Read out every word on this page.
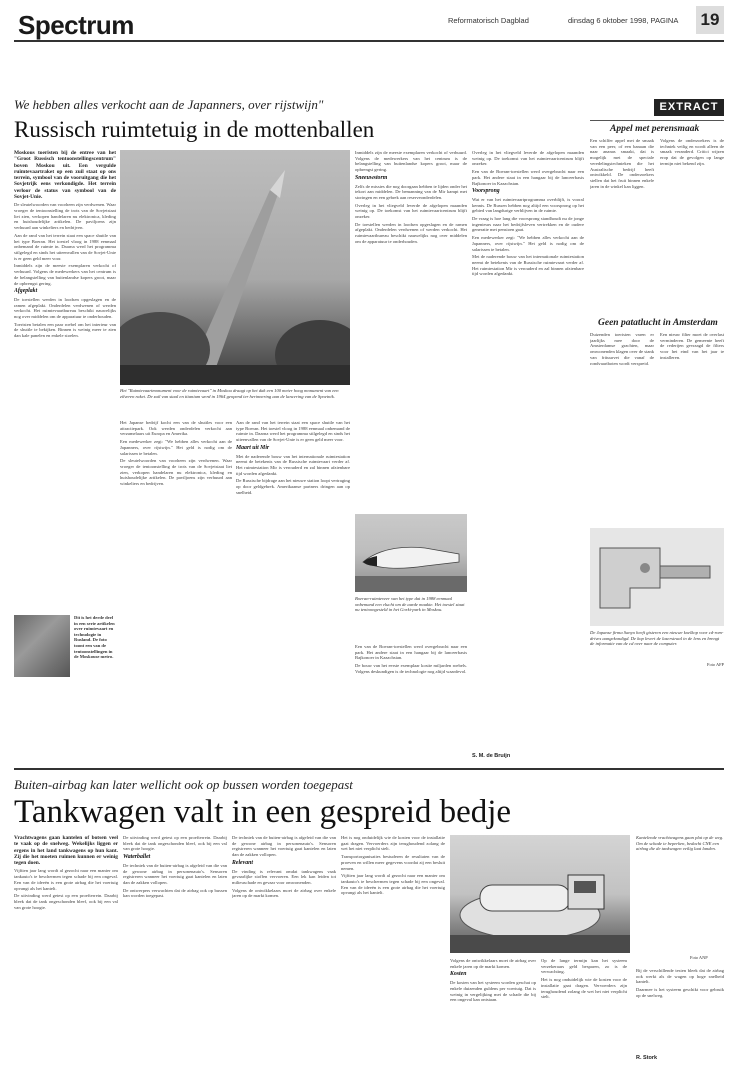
Spectrum	Reformatorisch Dagblad	dinsdag 6 oktober 1998, PAGINA 19
We hebben alles verkocht aan de Japanners, over rijstwijn"
Russisch ruimtetuig in de mottenballen

Moskous toeristen bij de entree van het "Groot Russisch tentoonstellingscentrum" boven Moskou uit. Een vergulde ruimtevaartraket op een zuil staat op ons terrein, symbool van de vooruitgang die het Sovjetrijk eens verkondigde. Het terrein verloor de status van symbool van de Sovjet-Unie.

De sleutelwoorden van voorheen zijn verdwenen. Waar vroeger de tentoonstelling de trots van de Sovjetstaat liet zien, verkopen handelaren nu elektronica, kleding en huishoudelijke artikelen. De paviljoens zijn verhuurd aan winkeliers en bedrijven.

Aan de rand van het terrein staat een space shuttle van het type Boeran. Het toestel vloog in 1988 eenmaal onbemand de ruimte in. Daarna werd het programma stilgelegd en sinds het uiteenvallen van de Sovjet-Unie is er geen geld meer voor.

Inmiddels zijn de meeste exemplaren verkocht of verhuurd. Volgens de medewerkers van het centrum is de belangstelling van buitenlandse kopers groot, maar de opbrengst gering.

Afgeplakt

De toestellen werden in loodsen opgeslagen en de ramen afgeplakt. Onderdelen verdwenen of werden verkocht. Het ruimtevaartbureau beschikt nauwelijks nog over middelen om de apparatuur te onderhouden.

Toeristen betalen een paar roebel om het interieur van de shuttle te bekijken. Binnen is weinig meer te zien dan kale panelen en enkele stoelen.

Het "Ruimtevaartmonument voor de ruimtevaart" in Moskou draagt op het dak een 100 meter hoog monument van een zilveren raket. De zuil van staal en titanium werd in 1964 geopend ter herinnering aan de lancering van de Spoetnik.
Dit is het derde deel in een serie artikelen over ruimtevaart en technologie in Rusland. De foto toont een van de tentoonstellingen in de Moskouse metro.

Het Japanse bedrijf kocht een van de shuttles voor een attractiepark. Ook werden onderdelen verkocht aan verzamelaars uit Europa en Amerika.

Een medewerker zegt: "We hebben alles verkocht aan de Japanners, over rijstwijn." Het geld is nodig om de salarissen te betalen.

De sleutelwoorden van voorheen zijn verdwenen. Waar vroeger de tentoonstelling de trots van de Sovjetstaat liet zien, verkopen handelaren nu elektronica, kleding en huishoudelijke artikelen. De paviljoens zijn verhuurd aan winkeliers en bedrijven.

Aan de rand van het terrein staat een space shuttle van het type Boeran. Het toestel vloog in 1988 eenmaal onbemand de ruimte in. Daarna werd het programma stilgelegd en sinds het uiteenvallen van de Sovjet-Unie is er geen geld meer voor.

Maart uit Mir

Met de naderende bouw van het internationale ruimtestation neemt de betekenis van de Russische ruimtevaart verder af. Het ruimtestation Mir is verouderd en zal binnen afzienbare tijd worden afgedankt.

De Russische bijdrage aan het nieuwe station loopt vertraging op door geldgebrek. Amerikaanse partners dringen aan op snelheid.

Inmiddels zijn de meeste exemplaren verkocht of verhuurd. Volgens de medewerkers van het centrum is de belangstelling van buitenlandse kopers groot, maar de opbrengst gering.

Sneeuwstorm

Zelfs de missies die nog doorgaan hebben te lijden onder het tekort aan middelen. De bemanning van de Mir kampt met storingen en een gebrek aan reserveonderdelen.

Overleg in het vliegveld leverde de afgelopen maanden weinig op. De toekomst van het ruimtevaartcentrum blijft onzeker.

De toestellen werden in loodsen opgeslagen en de ramen afgeplakt. Onderdelen verdwenen of werden verkocht. Het ruimtevaartbureau beschikt nauwelijks nog over middelen om de apparatuur te onderhouden.

Boeran-ruimteveer van het type dat in 1988 eenmaal onbemand een vlucht om de aarde maakte. Het toestel staat nu tentoongesteld in het Gorki-park in Moskou.

Een van de Boeran-toestellen werd overgebracht naar een park. Het andere staat in een hangaar bij de lanceerbasis Bajkonoer in Kazachstan.

De bouw van het eerste exemplaar kostte miljarden roebels. Volgens deskundigen is de technologie nog altijd waardevol.

Overleg in het vliegveld leverde de afgelopen maanden weinig op. De toekomst van het ruimtevaartcentrum blijft onzeker.

Een van de Boeran-toestellen werd overgebracht naar een park. Het andere staat in een hangaar bij de lanceerbasis Bajkonoer in Kazachstan.

Voorsprong

Wat er van het ruimtevaartprogramma overblijft, is vooral kennis. De Russen hebben nog altijd een voorsprong op het gebied van langdurige verblijven in de ruimte.

De vraag is hoe lang die voorsprong standhoudt nu de jonge ingenieurs naar het bedrijfsleven vertrekken en de oudere generatie met pensioen gaat.

Een medewerker zegt: "We hebben alles verkocht aan de Japanners, over rijstwijn." Het geld is nodig om de salarissen te betalen.

Met de naderende bouw van het internationale ruimtestation neemt de betekenis van de Russische ruimtevaart verder af. Het ruimtestation Mir is verouderd en zal binnen afzienbare tijd worden afgedankt.

S. M. de Bruijn
EXTRACT
Appel met perensmaak

Een schilfer appel met de smaak van een peer, of een banaan die naar ananas smaakt, dat is mogelijk met de speciale veredelingstechnieken die het Australische bedrijf heeft ontwikkeld. De onderzoekers stellen dat het fruit binnen enkele jaren in de winkel kan liggen.

Volgens de onderzoekers is de techniek veilig en wordt alleen de smaak veranderd. Critici wijzen erop dat de gevolgen op lange termijn niet bekend zijn.

Geen patatlucht in Amsterdam

Duizenden toeristen varen er jaarlijks mee door de Amsterdamse grachten, maar omwonenden klagen over de stank van frituurvet die vanaf de rondvaartboten wordt verspreid.

Een nieuw filter moet de overlast verminderen. De gemeente heeft de rederijen gevraagd de filters voor het eind van het jaar te installeren.

De Japanse firma Sanyo heeft gisteren een nieuwe koelkop voor cd-rom-drives aangekondigd. De kop levert de laserstraal in de lens en brengt de informatie van de cd over naar de computer.
Foto AFP
Buiten-airbag kan later wellicht ook op bussen worden toegepast
Tankwagen valt in een gespreid bedje

Vrachtwagens gaan kantelen of botsen veel te vaak op de snelweg. Wekelijks liggen er ergens in het land tankwagens op hun kant. Zij die het moeten ruimen kunnen er weinig tegen doen.

Vijftien jaar lang wordt al gezocht naar een manier om tankauto's te beschermen tegen schade bij een ongeval. Een van de ideeën is een grote airbag die het voertuig opvangt als het kantelt.

De uitvinding werd getest op een proefterrein. Daarbij bleek dat de tank ongeschonden bleef, ook bij een val van grote hoogte.

De uitvinding werd getest op een proefterrein. Daarbij bleek dat de tank ongeschonden bleef, ook bij een val van grote hoogte.

Waterballet

De techniek van de buiten-airbag is afgeleid van die van de gewone airbag in personenauto's. Sensoren registreren wanneer het voertuig gaat kantelen en laten dan de zakken vollopen.

De ontwerpers verwachten dat de airbag ook op bussen kan worden toegepast.

De techniek van de buiten-airbag is afgeleid van die van de gewone airbag in personenauto's. Sensoren registreren wanneer het voertuig gaat kantelen en laten dan de zakken vollopen.

Relevant

De vinding is relevant omdat tankwagens vaak gevaarlijke stoffen vervoeren. Een lek kan leiden tot milieuschade en gevaar voor omwonenden.

Volgens de ontwikkelaars moet de airbag over enkele jaren op de markt komen.

Het is nog onduidelijk wie de kosten voor de installatie gaat dragen. Vervoerders zijn terughoudend zolang de wet het niet verplicht stelt.

Transportorganisaties bestuderen de resultaten van de proeven en willen meer gegevens voordat zij een besluit nemen.

Vijftien jaar lang wordt al gezocht naar een manier om tankauto's te beschermen tegen schade bij een ongeval. Een van de ideeën is een grote airbag die het voertuig opvangt als het kantelt.

Kantelende vrachtwagens gaan plat op de weg. Om de schade te beperken, bedacht CNE een airbag die de tankwagen veilig laat landen.
Foto ANP

Volgens de ontwikkelaars moet de airbag over enkele jaren op de markt komen.

Kosten

De kosten van het systeem worden geschat op enkele duizenden guldens per voertuig. Dat is weinig in vergelijking met de schade die bij een ongeval kan ontstaan.

Op de lange termijn kan het systeem verzekeraars geld besparen, zo is de verwachting.

Het is nog onduidelijk wie de kosten voor de installatie gaat dragen. Vervoerders zijn terughoudend zolang de wet het niet verplicht stelt.

Bij de verschillende testen bleek dat de airbag ook werkt als de wagen op hoge snelheid kantelt.

Daarmee is het systeem geschikt voor gebruik op de snelweg.

R. Stork
